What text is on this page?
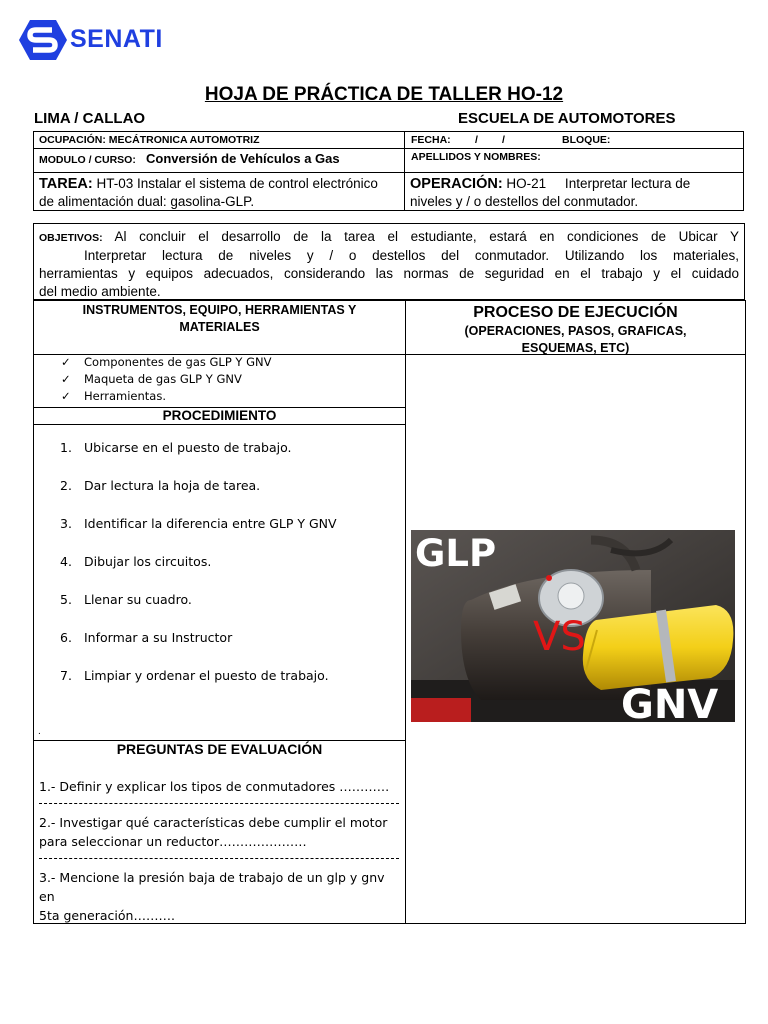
SENATI
HOJA DE PRÁCTICA DE TALLER HO-12
LIMA / CALLAO	ESCUELA DE AUTOMOTORES
OCUPACIÓN: MECÁTRONICA AUTOMOTRIZ	FECHA: / /	BLOQUE:
MODULO / CURSO: Conversión de Vehículos a Gas	APELLIDOS Y NOMBRES:
TAREA: HT-03 Instalar el sistema de control electrónico de alimentación dual: gasolina-GLP.
OPERACIÓN: HO-21     Interpretar lectura de niveles y / o destellos del conmutador.
OBJETIVOS: Al concluir el desarrollo de la tarea el estudiante, estará en condiciones de Ubicar Y
Interpretar lectura de niveles y / o destellos del conmutador. Utilizando los materiales,
herramientas y equipos adecuados, considerando las normas de seguridad en el trabajo y el cuidado
del medio ambiente.
INSTRUMENTOS, EQUIPO, HERRAMIENTAS Y
MATERIALES
PROCESO DE EJECUCIÓN
(OPERACIONES, PASOS, GRAFICAS,
ESQUEMAS, ETC)
✓ Componentes de gas GLP Y GNV
✓ Maqueta de gas GLP Y GNV
✓ Herramientas.
PROCEDIMIENTO
1. Ubicarse en el puesto de trabajo.
2. Dar lectura la hoja de tarea.
3. Identificar la diferencia entre GLP Y GNV
4. Dibujar los circuitos.
5. Llenar su cuadro.
6. Informar a su Instructor
7. Limpiar y ordenar el puesto de trabajo.
.
PREGUNTAS DE EVALUACIÓN
1.- Definir y explicar los tipos de conmutadores …………
2.- Investigar qué características debe cumplir el motor
para seleccionar un reductor…………………
3.- Mencione la presión baja de trabajo de un glp y gnv en
5ta generación……….
GLP
VS
GNV
